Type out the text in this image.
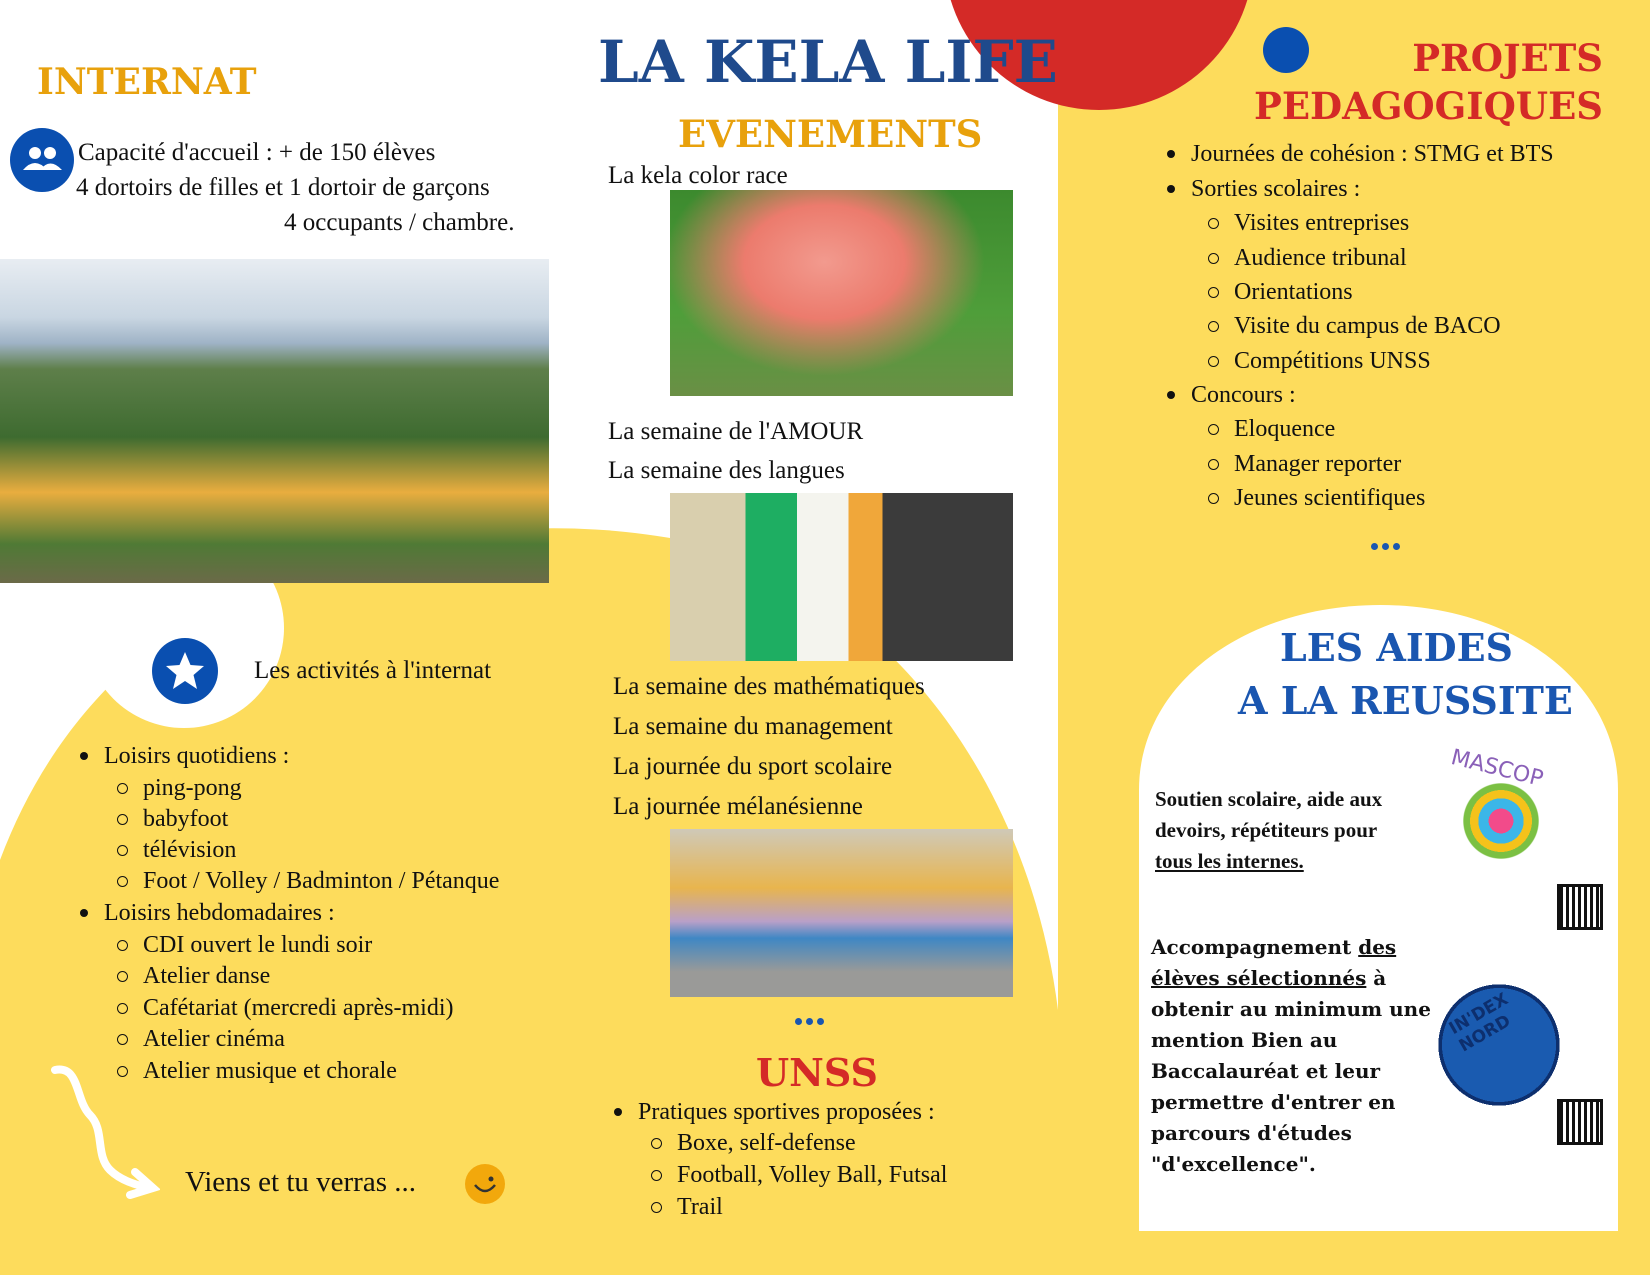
INTERNAT
Capacité d'accueil : + de 150 élèves
4 dortoirs de filles et 1 dortoir de garçons
4 occupants / chambre.
Les activités à l'internat
Loisirs quotidiens :
ping-pong
babyfoot
télévision
Foot / Volley / Badminton / Pétanque
Loisirs hebdomadaires :
CDI ouvert le lundi soir
Atelier danse
Cafétariat (mercredi après-midi)
Atelier cinéma
Atelier musique et chorale
Viens et tu verras ...
LA KELA LIFE
EVENEMENTS
La kela color race
La semaine de l'AMOUR
La semaine des langues
La semaine des mathématiques
La semaine du management
La journée du sport scolaire
La journée mélanésienne
UNSS
Pratiques sportives proposées :
Boxe, self-defense
Football, Volley Ball, Futsal
Trail
PROJETS
PEDAGOGIQUES
Journées de cohésion : STMG et BTS
Sorties scolaires :
Visites entreprises
Audience tribunal
Orientations
Visite du campus de BACO
Compétitions UNSS
Concours :
Eloquence
Manager reporter
Jeunes scientifiques
LES AIDES
A LA REUSSITE
MASCOP
Soutien scolaire, aide aux
devoirs, répétiteurs pour
tous les internes.
Accompagnement des
élèves sélectionnés à
obtenir au minimum une
mention Bien au
Baccalauréat et leur
permettre d'entrer en
parcours d'études
"d'excellence".
IN'DEX NORD
